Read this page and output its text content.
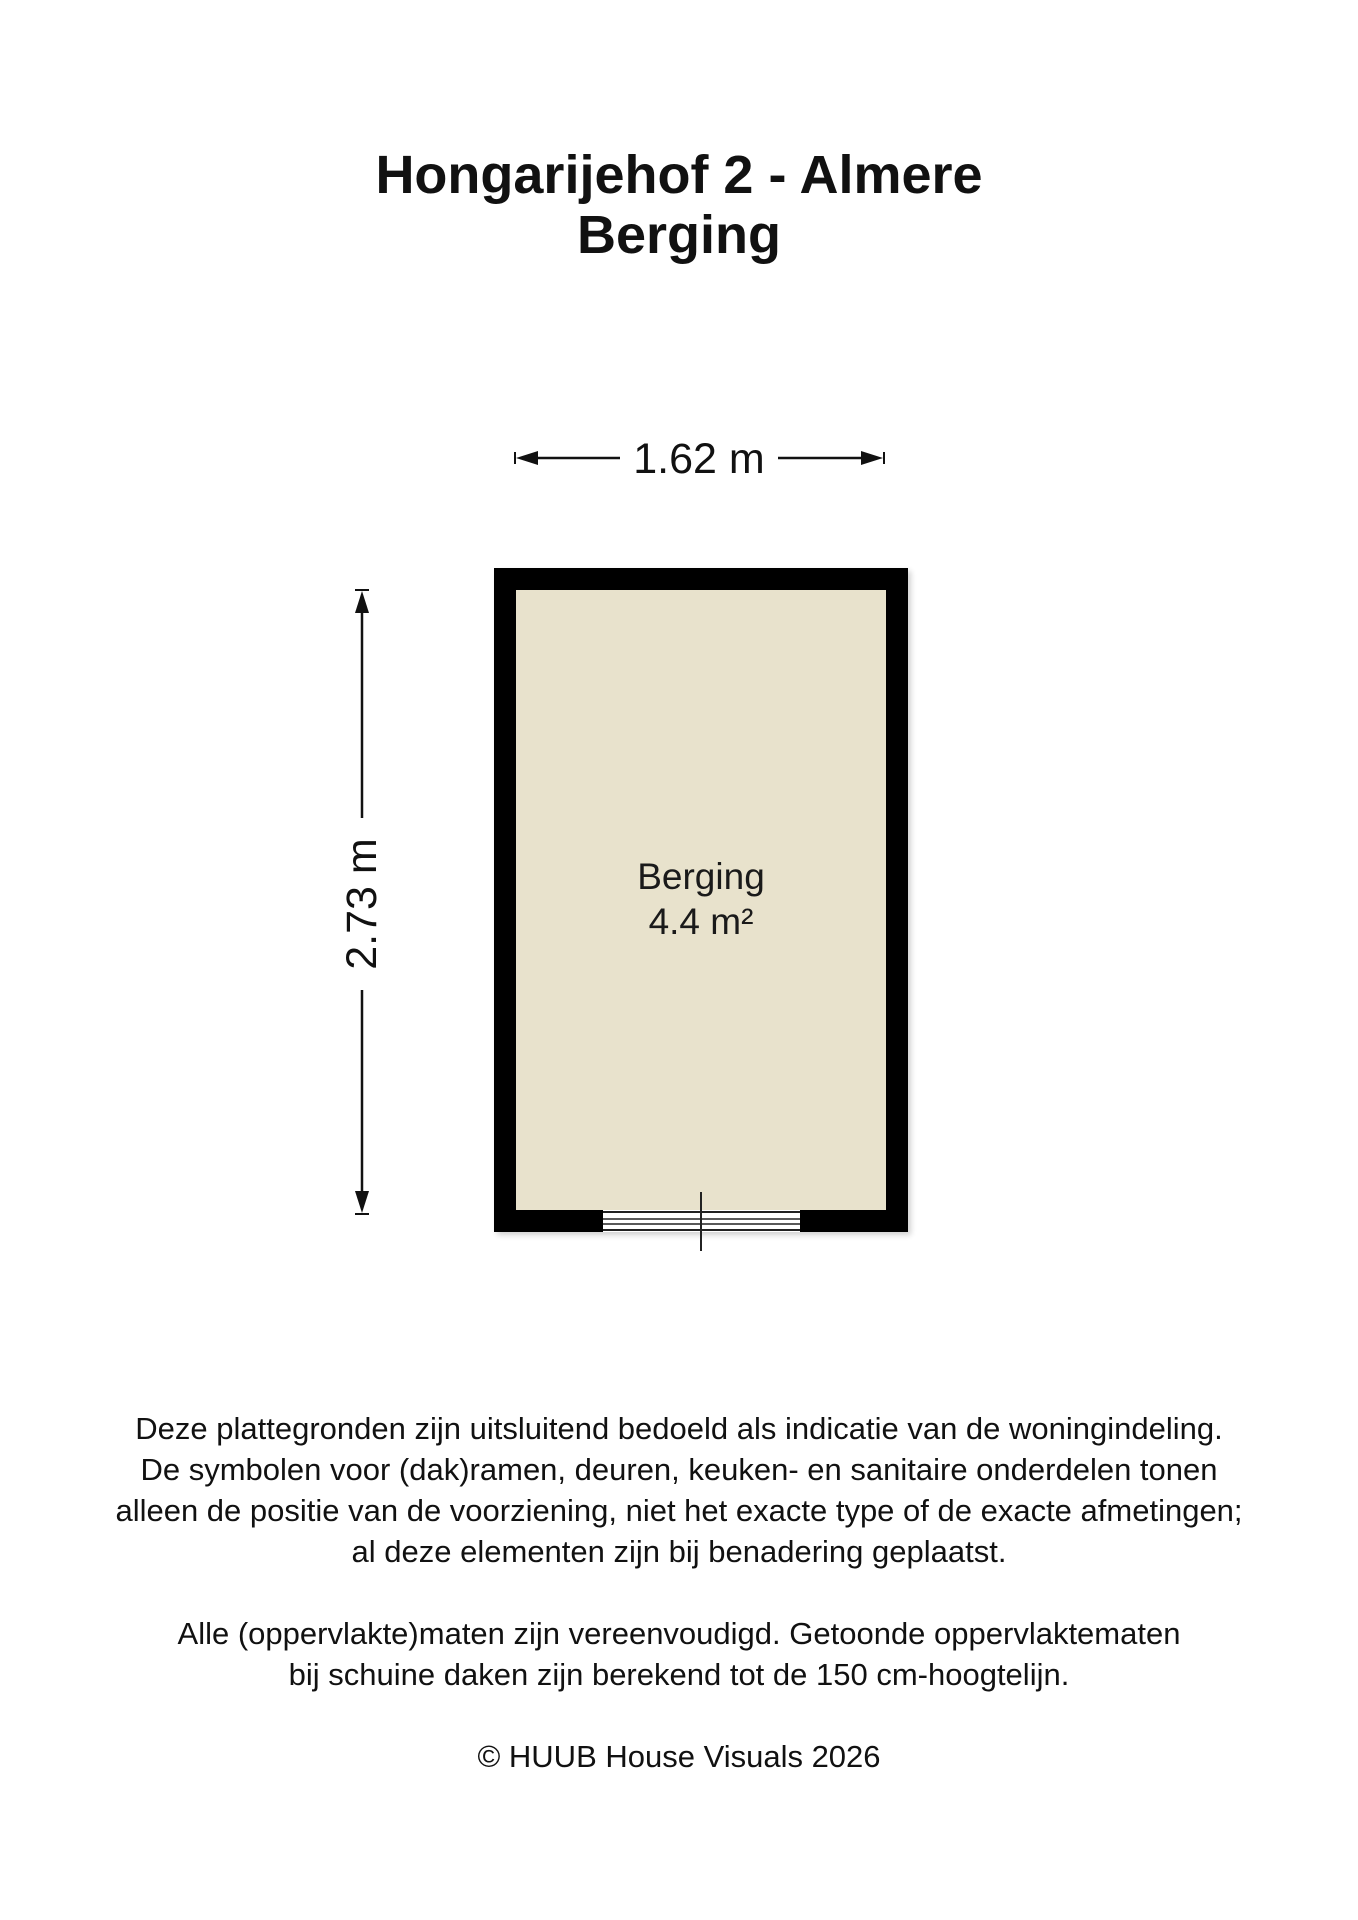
Hongarijehof 2 - Almere
Berging
1.62 m
2.73 m	Berging
4.4 m²

Deze plattegronden zijn uitsluitend bedoeld als indicatie van de woningindeling.

De symbolen voor (dak)ramen, deuren, keuken- en sanitaire onderdelen tonen

alleen de positie van de voorziening, niet het exacte type of de exacte afmetingen;

al deze elementen zijn bij benadering geplaatst.

Alle (oppervlakte)maten zijn vereenvoudigd. Getoonde oppervlaktematen

bij schuine daken zijn berekend tot de 150 cm-hoogtelijn.

© HUUB House Visuals 2026
